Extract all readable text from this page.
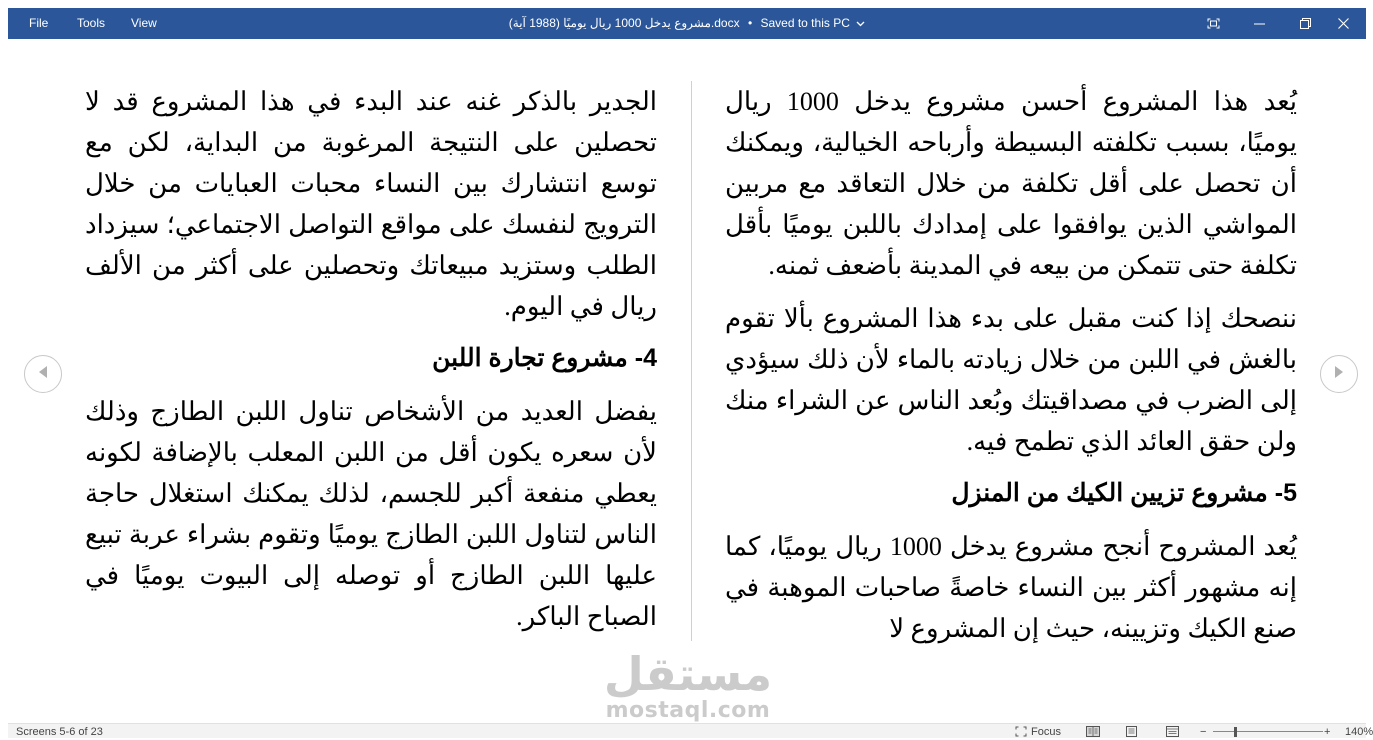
File	Tools	View	مشروع يدخل 1000 ريال يوميًا (1988 آية).docx • Saved to this PC

يُعد هذا المشروع أحسن مشروع يدخل 1000 ريال يوميًا، بسبب تكلفته البسيطة وأرباحه الخيالية، ويمكنك أن تحصل على أقل تكلفة من خلال التعاقد مع مربين المواشي الذين يوافقوا على إمدادك باللبن يوميًا بأقل تكلفة حتى تتمكن من بيعه في المدينة بأضعف ثمنه.

ننصحك إذا كنت مقبل على بدء هذا المشروع بألا تقوم بالغش في اللبن من خلال زيادته بالماء لأن ذلك سيؤدي إلى الضرب في مصداقيتك وبُعد الناس عن الشراء منك ولن حقق العائد الذي تطمح فيه.

5- مشروع تزيين الكيك من المنزل

يُعد المشروح أنجح مشروع يدخل 1000 ريال يوميًا، كما إنه مشهور أكثر بين النساء خاصةً صاحبات الموهبة في صنع الكيك وتزيينه، حيث إن المشروع لا

الجدير بالذكر غنه عند البدء في هذا المشروع قد لا تحصلين على النتيجة المرغوبة من البداية، لكن مع توسع انتشارك بين النساء محبات العبايات من خلال الترويج لنفسك على مواقع التواصل الاجتماعي؛ سيزداد الطلب وستزيد مبيعاتك وتحصلين على أكثر من الألف ريال في اليوم.

4- مشروع تجارة اللبن

يفضل العديد من الأشخاص تناول اللبن الطازج وذلك لأن سعره يكون أقل من اللبن المعلب بالإضافة لكونه يعطي منفعة أكبر للجسم، لذلك يمكنك استغلال حاجة الناس لتناول اللبن الطازج يوميًا وتقوم بشراء عربة تبيع عليها اللبن الطازج أو توصله إلى البيوت يوميًا في الصباح الباكر.

مستقل
mostaql.com
Screens 5-6 of 23	Focus	−	+ 140%
